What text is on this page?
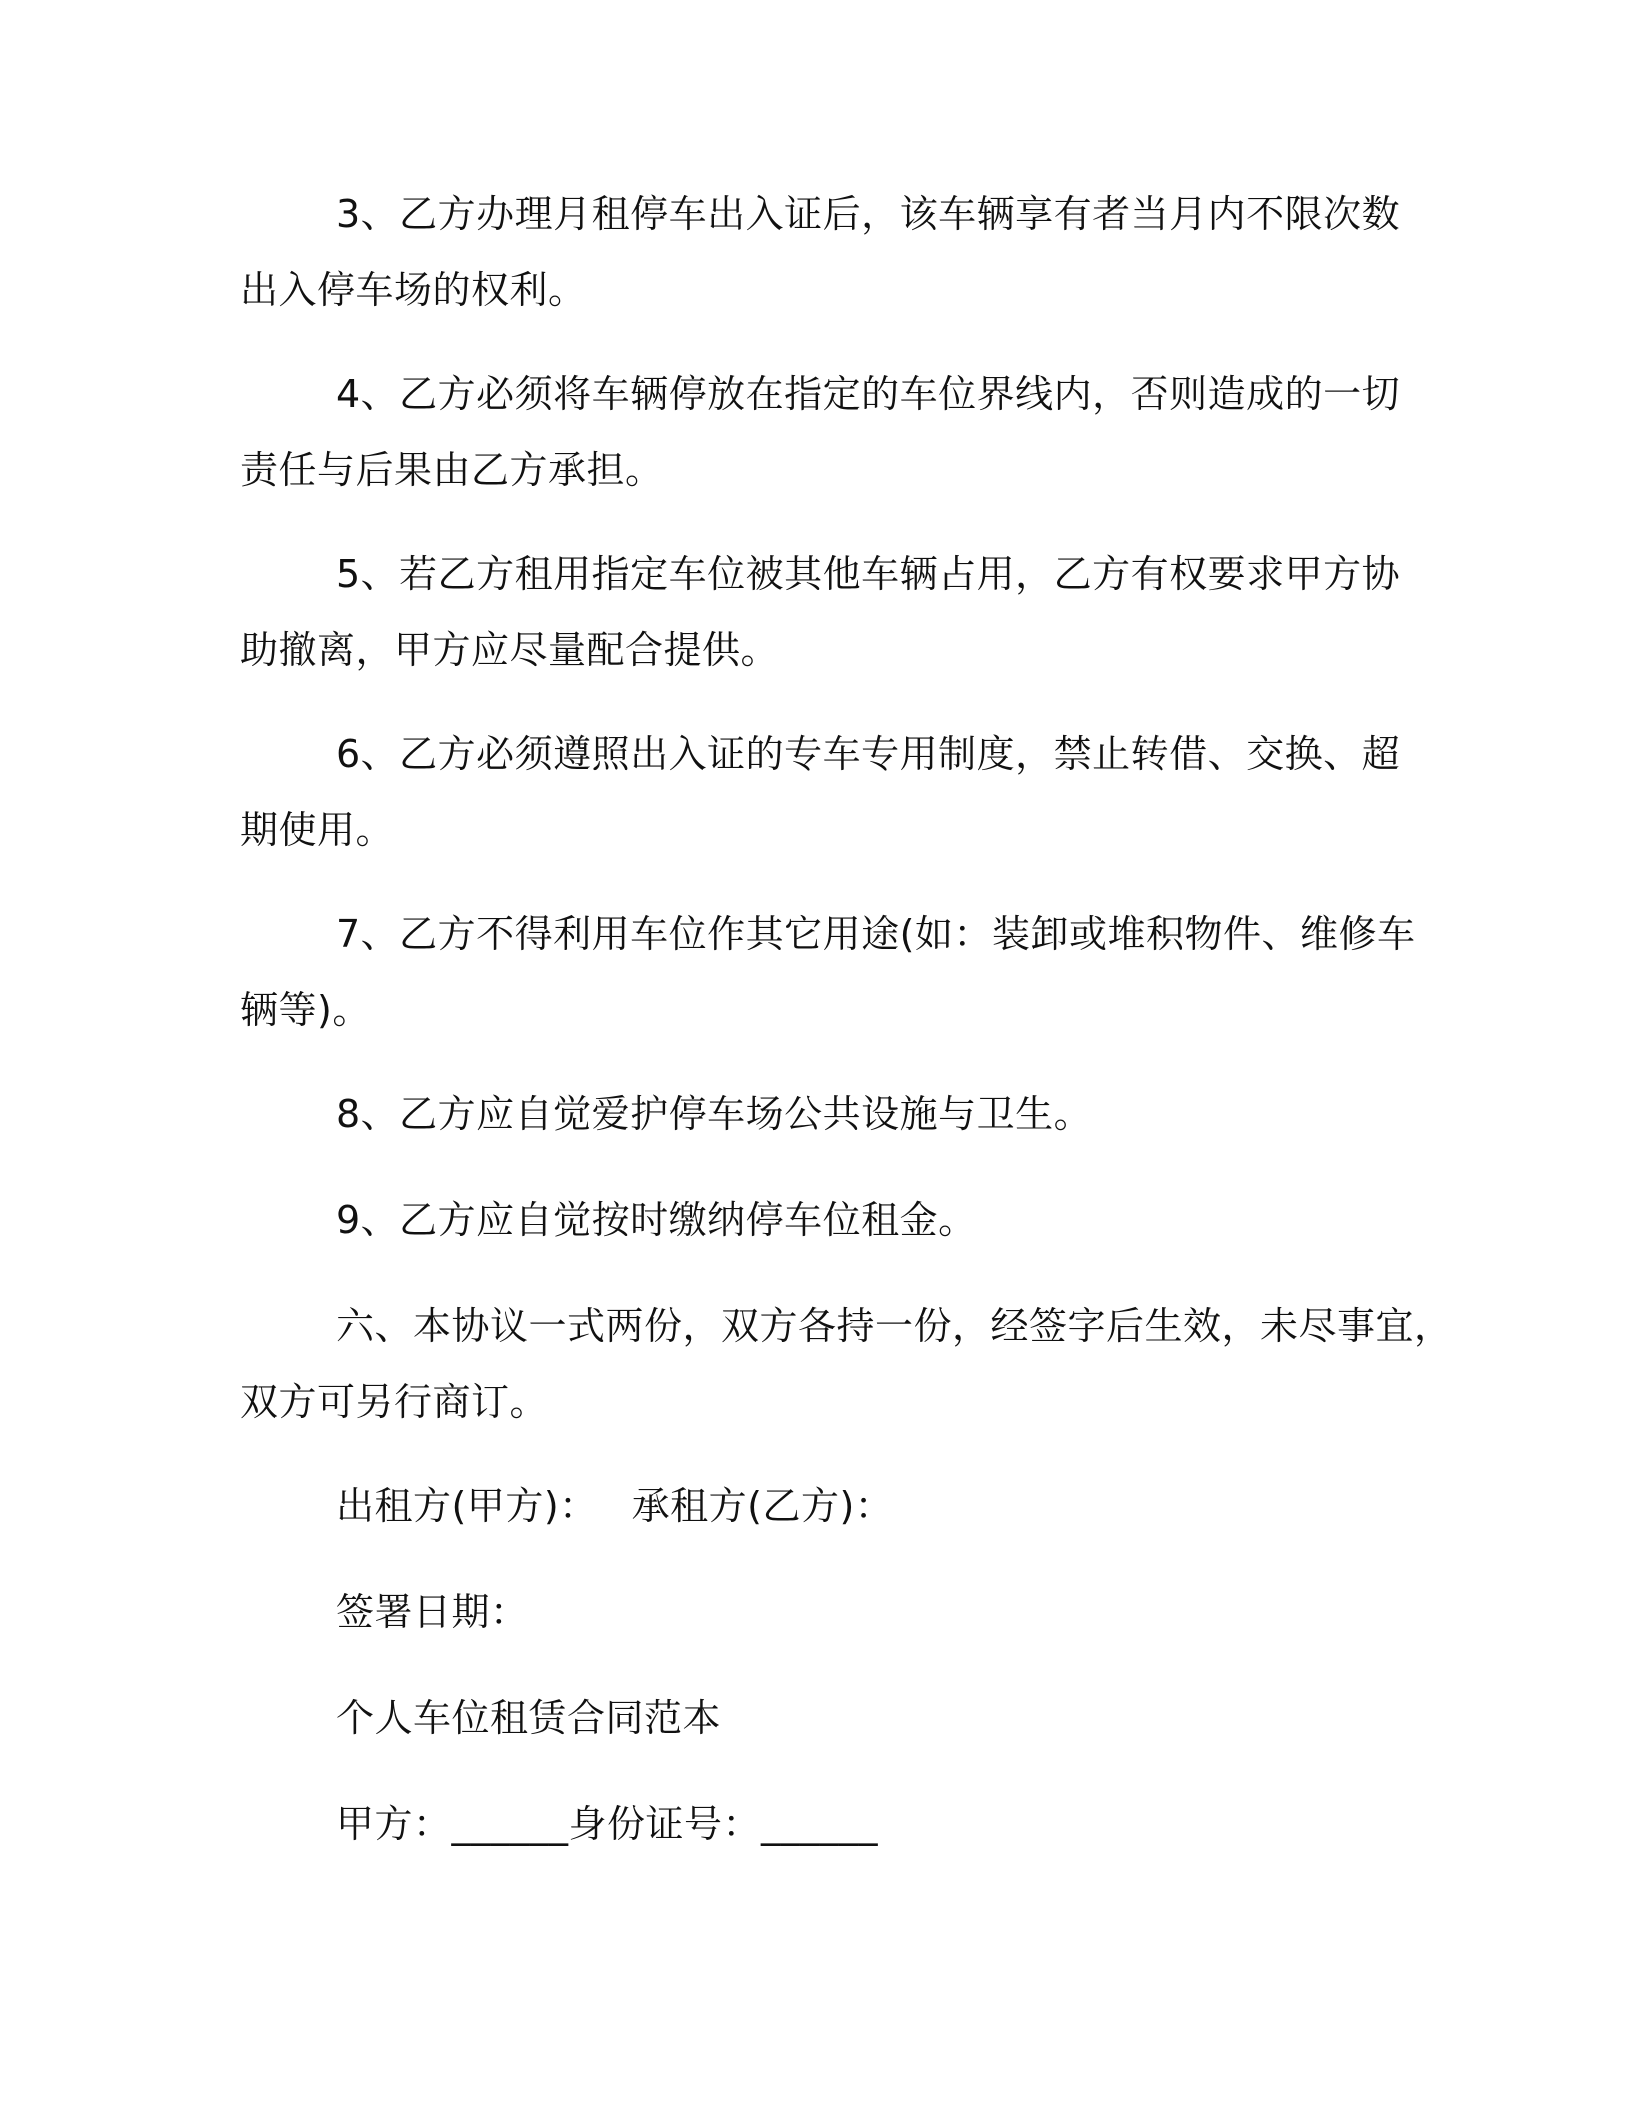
3、乙方办理月租停车出入证后，该车辆享有者当月内不限次数
出入停车场的权利。

4、乙方必须将车辆停放在指定的车位界线内，否则造成的一切
责任与后果由乙方承担。

5、若乙方租用指定车位被其他车辆占用，乙方有权要求甲方协
助撤离，甲方应尽量配合提供。

6、乙方必须遵照出入证的专车专用制度，禁止转借、交换、超
期使用。

7、乙方不得利用车位作其它用途(如：装卸或堆积物件、维修车
辆等)。

8、乙方应自觉爱护停车场公共设施与卫生。

9、乙方应自觉按时缴纳停车位租金。

六、本协议一式两份，双方各持一份，经签字后生效，未尽事宜，
双方可另行商订。

出租方(甲方)： 承租方(乙方)：

签署日期：

个人车位租赁合同范本

甲方：______身份证号：______
